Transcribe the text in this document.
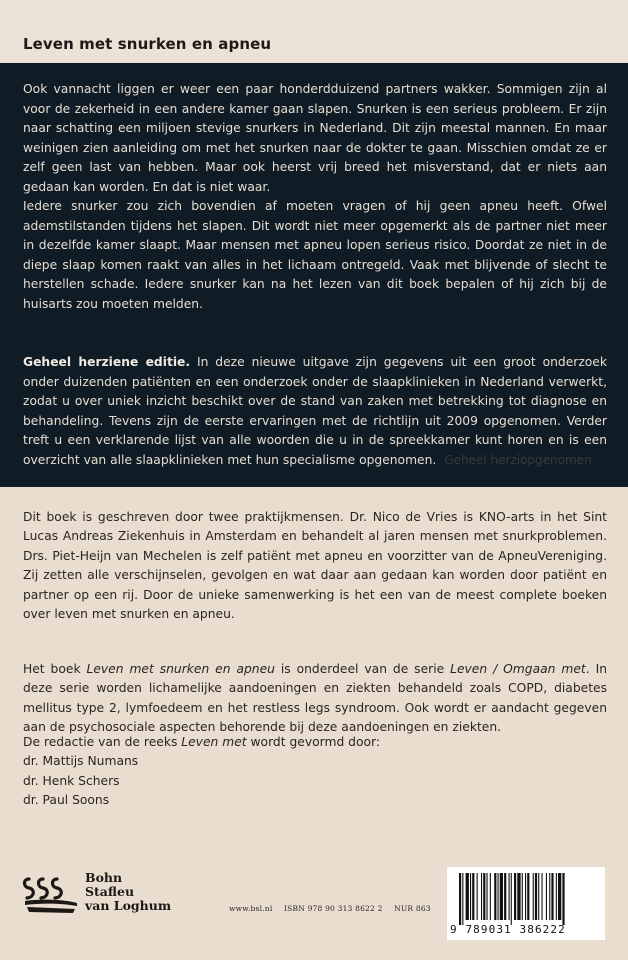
Leven met snurken en apneu

Ook vannacht liggen er weer een paar honderdduizend partners wakker. Sommigen zijn al voor de zekerheid in een andere kamer gaan slapen. Snurken is een serieus probleem. Er zijn naar schatting een miljoen stevige snurkers in Nederland. Dit zijn meestal mannen. En maar weinigen zien aanleiding om met het snurken naar de dokter te gaan. Misschien omdat ze er zelf geen last van hebben. Maar ook heerst vrij breed het misverstand, dat er niets aan gedaan kan worden. En dat is niet waar.

Iedere snurker zou zich bovendien af moeten vragen of hij geen apneu heeft. Ofwel ademstilstanden tijdens het slapen. Dit wordt niet meer opgemerkt als de partner niet meer in dezelfde kamer slaapt. Maar mensen met apneu lopen serieus risico. Doordat ze niet in de diepe slaap komen raakt van alles in het lichaam ontregeld. Vaak met blijvende of slecht te herstellen schade. Iedere snurker kan na het lezen van dit boek bepalen of hij zich bij de huisarts zou moeten melden.

Geheel herziene editie. In deze nieuwe uitgave zijn gegevens uit een groot onderzoek onder duizenden patiënten en een onderzoek onder de slaapklinieken in Nederland verwerkt, zodat u over uniek inzicht beschikt over de stand van zaken met betrekking tot diagnose en behandeling. Tevens zijn de eerste ervaringen met de richtlijn uit 2009 opgenomen. Verder treft u een verklarende lijst van alle woorden die u in de spreekkamer kunt horen en is een overzicht van alle slaapklinieken met hun specialisme opgenomen. Geheel herziopgenomen

Dit boek is geschreven door twee praktijkmensen. Dr. Nico de Vries is KNO-arts in het Sint Lucas Andreas Ziekenhuis in Amsterdam en behandelt al jaren mensen met snurkproblemen. Drs. Piet-Heijn van Mechelen is zelf patiënt met apneu en voorzitter van de ApneuVereniging. Zij zetten alle verschijnselen, gevolgen en wat daar aan gedaan kan worden door patiënt en partner op een rij. Door de unieke samenwerking is het een van de meest complete boeken over leven met snurken en apneu.

Het boek Leven met snurken en apneu is onderdeel van de serie Leven / Omgaan met. In deze serie worden lichamelijke aandoeningen en ziekten behandeld zoals COPD, diabetes mellitus type 2, lymfoedeem en het restless legs syndroom. Ook wordt er aandacht gegeven aan de psychosociale aspecten behorende bij deze aandoeningen en ziekten.

De redactie van de reeks Leven met wordt gevormd door:

dr. Mattijs Numans

dr. Henk Schers

dr. Paul Soons

Bohn
Stafleu
van Loghum	www.bsl.nl ISBN 978 90 313 8622 2 NUR 863
9 789031 386222
